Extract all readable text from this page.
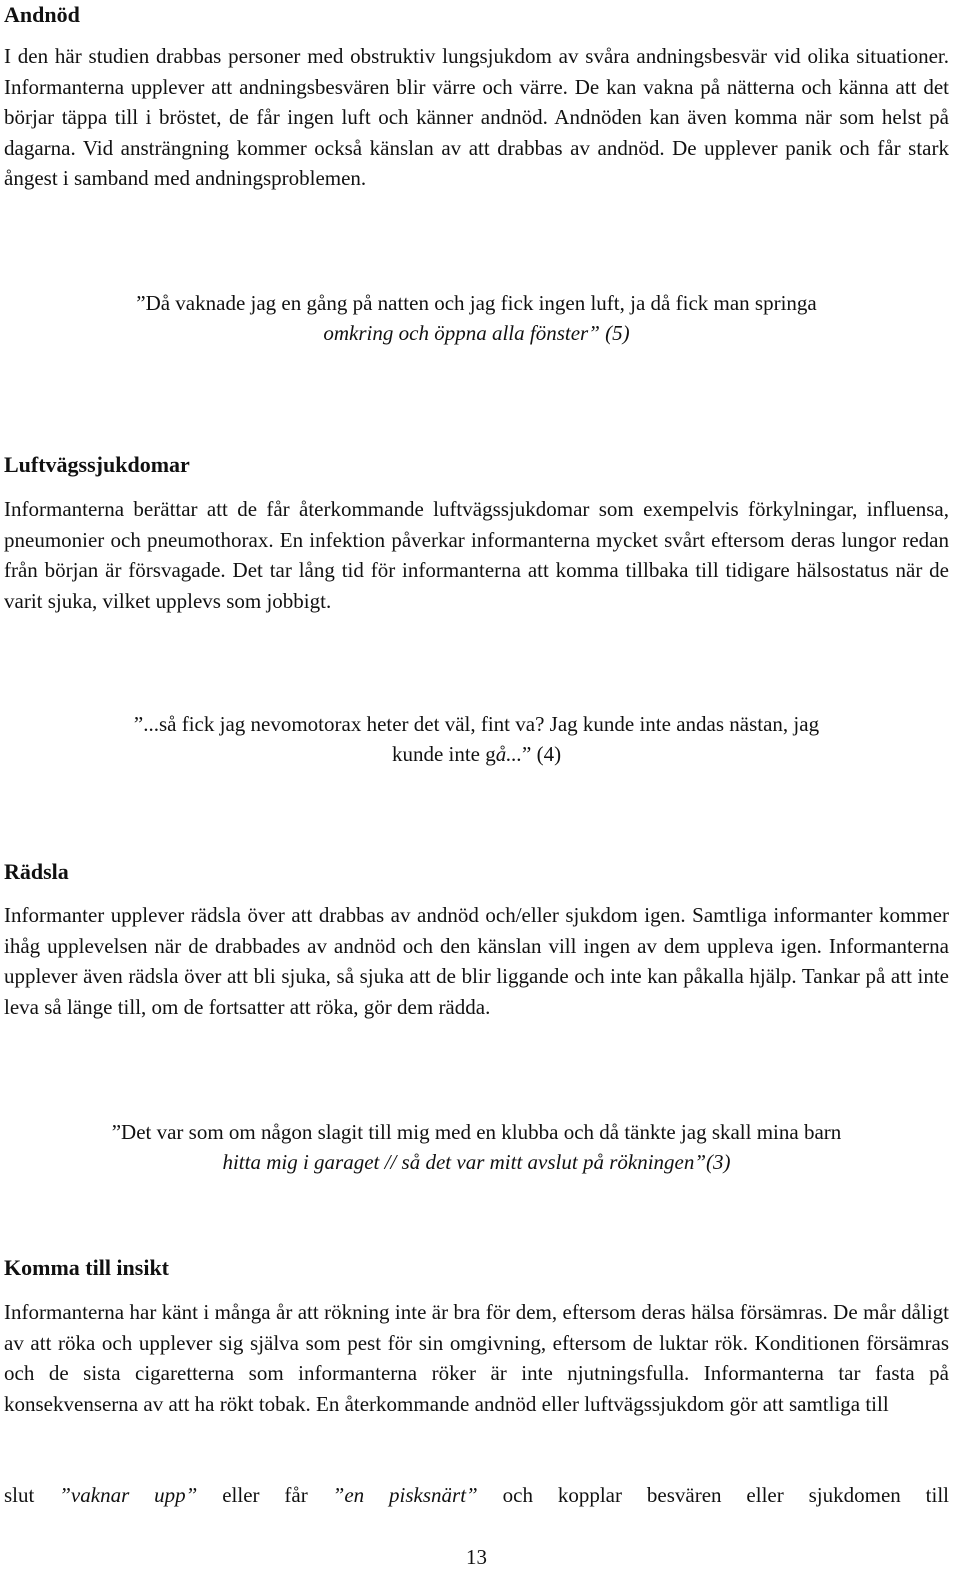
Andnöd

I den här studien drabbas personer med obstruktiv lungsjukdom av svåra andningsbesvär vid olika situationer. Informanterna upplever att andningsbesvären blir värre och värre. De kan vakna på nätterna och känna att det börjar täppa till i bröstet, de får ingen luft och känner andnöd. Andnöden kan även komma när som helst på dagarna. Vid ansträngning kommer också känslan av att drabbas av andnöd. De upplever panik och får stark ångest i samband med andningsproblemen.

”Då vaknade jag en gång på natten och jag fick ingen luft, ja då fick man springa
omkring och öppna alla fönster” (5)
Luftvägssjukdomar

Informanterna berättar att de får återkommande luftvägssjukdomar som exempelvis förkylningar, influensa, pneumonier och pneumothorax. En infektion påverkar informanterna mycket svårt eftersom deras lungor redan från början är försvagade. Det tar lång tid för informanterna att komma tillbaka till tidigare hälsostatus när de varit sjuka, vilket upplevs som jobbigt.

”...så fick jag nevomotorax heter det väl, fint va? Jag kunde inte andas nästan, jag
kunde inte gå...” (4)
Rädsla

Informanter upplever rädsla över att drabbas av andnöd och/eller sjukdom igen. Samtliga informanter kommer ihåg upplevelsen när de drabbades av andnöd och den känslan vill ingen av dem uppleva igen. Informanterna upplever även rädsla över att bli sjuka, så sjuka att de blir liggande och inte kan påkalla hjälp. Tankar på att inte leva så länge till, om de fortsatter att röka, gör dem rädda.

”Det var som om någon slagit till mig med en klubba och då tänkte jag skall mina barn
hitta mig i garaget // så det var mitt avslut på rökningen”(3)
Komma till insikt

Informanterna har känt i många år att rökning inte är bra för dem, eftersom deras hälsa försämras. De mår dåligt av att röka och upplever sig själva som pest för sin omgivning, eftersom de luktar rök. Konditionen försämras och de sista cigaretterna som informanterna röker är inte njutningsfulla. Informanterna tar fasta på konsekvenserna av att ha rökt tobak. En återkommande andnöd eller luftvägssjukdom gör att samtliga till

slut ”vaknar upp” eller får ”en pisksnärt” och kopplar besvären eller sjukdomen till

13
